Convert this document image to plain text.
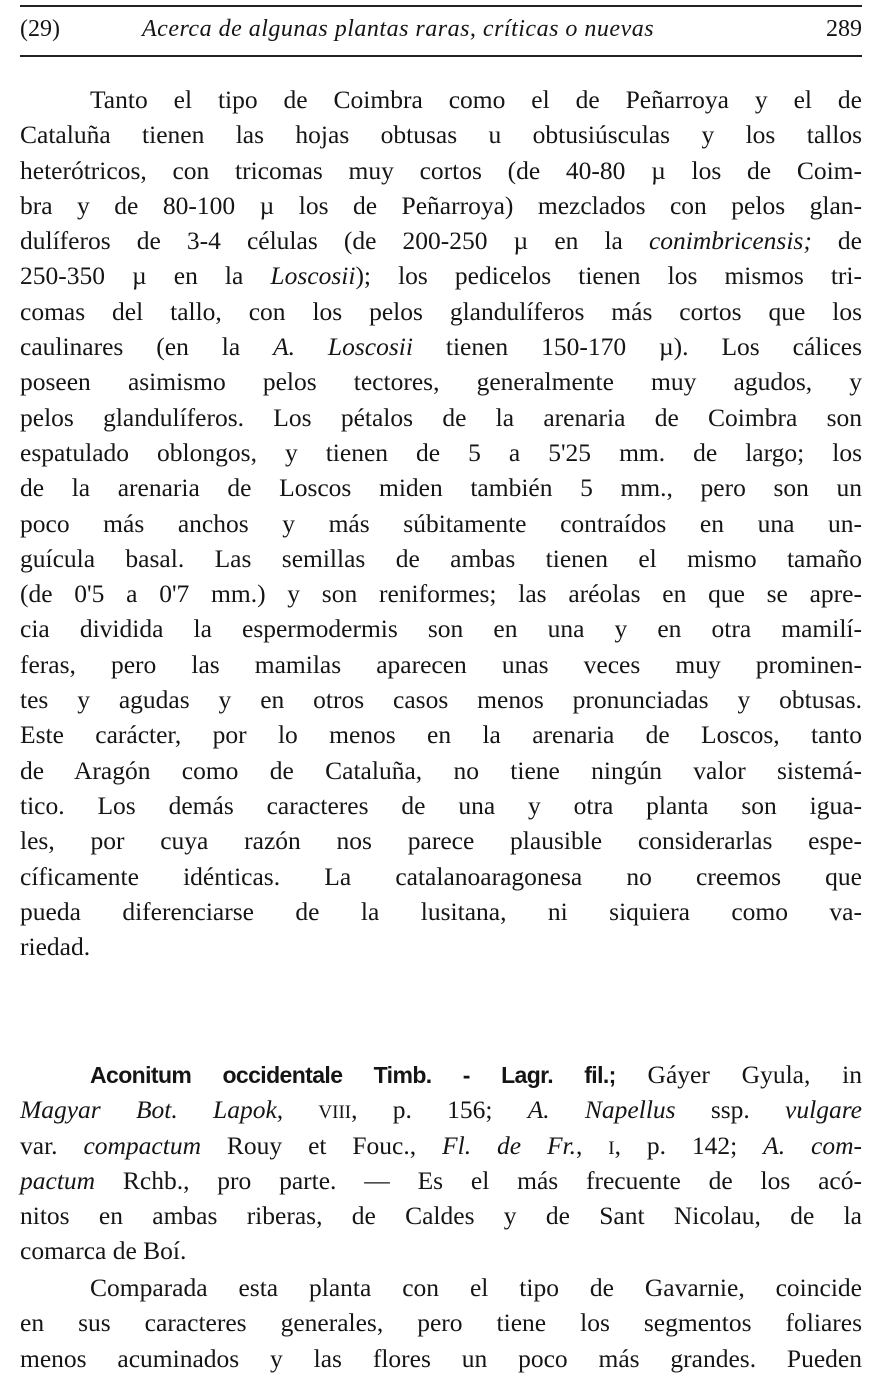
(29)	Acerca de algunas plantas raras, críticas o nuevas	289
Tanto el tipo de Coimbra como el de Peñarroya y el de
Cataluña tienen las hojas obtusas u obtusiúsculas y los tallos
heterótricos, con tricomas muy cortos (de 40-80 µ los de Coim-
bra y de 80-100 µ los de Peñarroya) mezclados con pelos glan-
dulíferos de 3-4 células (de 200-250 µ en la conimbricensis; de
250-350 µ en la Loscosii); los pedicelos tienen los mismos tri-
comas del tallo, con los pelos glandulíferos más cortos que los
caulinares (en la A. Loscosii tienen 150-170 µ). Los cálices
poseen asimismo pelos tectores, generalmente muy agudos, y
pelos glandulíferos. Los pétalos de la arenaria de Coimbra son
espatulado oblongos, y tienen de 5 a 5'25 mm. de largo; los
de la arenaria de Loscos miden también 5 mm., pero son un
poco más anchos y más súbitamente contraídos en una un-
guícula basal. Las semillas de ambas tienen el mismo tamaño
(de 0'5 a 0'7 mm.) y son reniformes; las aréolas en que se apre-
cia dividida la espermodermis son en una y en otra mamilí-
feras, pero las mamilas aparecen unas veces muy prominen-
tes y agudas y en otros casos menos pronunciadas y obtusas.
Este carácter, por lo menos en la arenaria de Loscos, tanto
de Aragón como de Cataluña, no tiene ningún valor sistemá-
tico. Los demás caracteres de una y otra planta son igua-
les, por cuya razón nos parece plausible considerarlas espe-
cíficamente idénticas. La catalanoaragonesa no creemos que
pueda diferenciarse de la lusitana, ni siquiera como va-
riedad.
Aconitum occidentale Timb. - Lagr. fil.; Gáyer Gyula, in
Magyar Bot. Lapok, VIII, p. 156; A. Napellus ssp. vulgare
var. compactum Rouy et Fouc., Fl. de Fr., I, p. 142; A. com-
pactum Rchb., pro parte. — Es el más frecuente de los acó-
nitos en ambas riberas, de Caldes y de Sant Nicolau, de la
comarca de Boí.
Comparada esta planta con el tipo de Gavarnie, coincide
en sus caracteres generales, pero tiene los segmentos foliares
menos acuminados y las flores un poco más grandes. Pueden
